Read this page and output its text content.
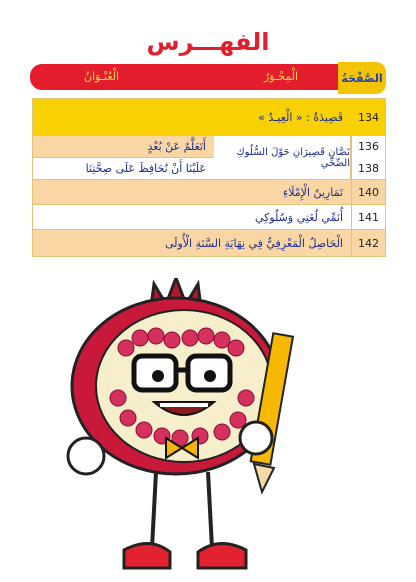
الفهـــرس
الْعُنْـوَانُ	الْمِحْـوَرُ	الصَّفْحَةُ
134
قَصِيدَةٌ : « الْعِيـدُ »
136
138
نَصَّانِ قَصِيرَانِ حَوْلَ السُّلُوكِ الصِّحِّي
أَتَعَلَّمُ عَنْ بُعْدٍ
عَلَيْنَا أَنْ نُحَافِظَ عَلَى صِحَّتِنَا
140
تَمَارِينُ الْإِمْلَاءِ
141
أُنَمِّي لُغَتِي وَسُلُوكِي
142
الْحَاصِلُ الْمَعْرِفِيُّ فِي نِهَايَةِ السَّنَةِ الْأُولَى
